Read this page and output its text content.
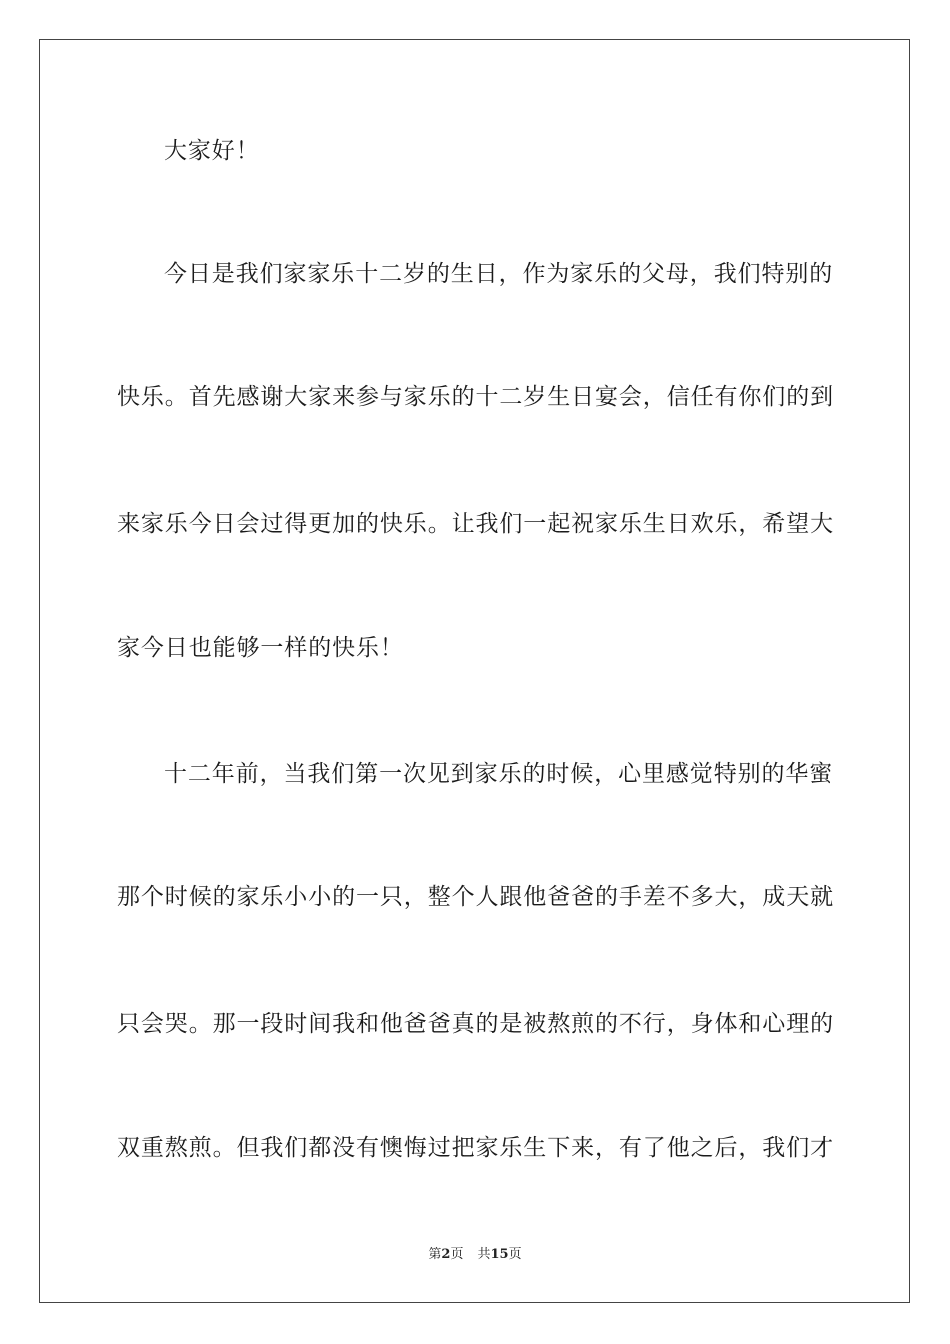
大家好！
今日是我们家家乐十二岁的生日，作为家乐的父母，我们特别的
快乐。首先感谢大家来参与家乐的十二岁生日宴会，信任有你们的到
来家乐今日会过得更加的快乐。让我们一起祝家乐生日欢乐，希望大
家今日也能够一样的快乐！
十二年前，当我们第一次见到家乐的时候，心里感觉特别的华蜜
那个时候的家乐小小的一只，整个人跟他爸爸的手差不多大，成天就
只会哭。那一段时间我和他爸爸真的是被熬煎的不行，身体和心理的
双重熬煎。但我们都没有懊悔过把家乐生下来，有了他之后，我们才
第2页 共15页
